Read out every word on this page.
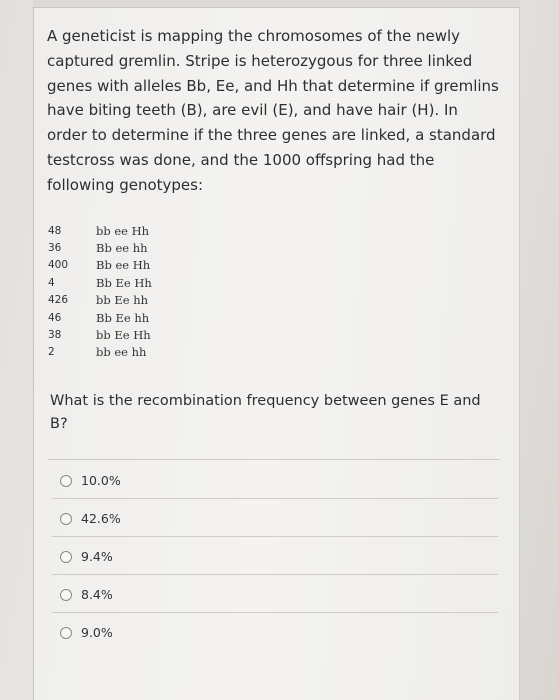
A geneticist is mapping the chromosomes of the newly captured gremlin. Stripe is heterozygous for three linked genes with alleles Bb, Ee, and Hh that determine if gremlins have biting teeth (B), are evil (E), and have hair (H). In order to determine if the three genes are linked, a standard testcross was done, and the 1000 offspring had the following genotypes:

48	bb ee Hh
36	Bb ee hh
400	Bb ee Hh
4	Bb Ee Hh
426	bb Ee hh
46	Bb Ee hh
38	bb Ee Hh
2	bb ee hh

What is the recombination frequency between genes E and B?

10.0%
42.6%
9.4%
8.4%
9.0%
